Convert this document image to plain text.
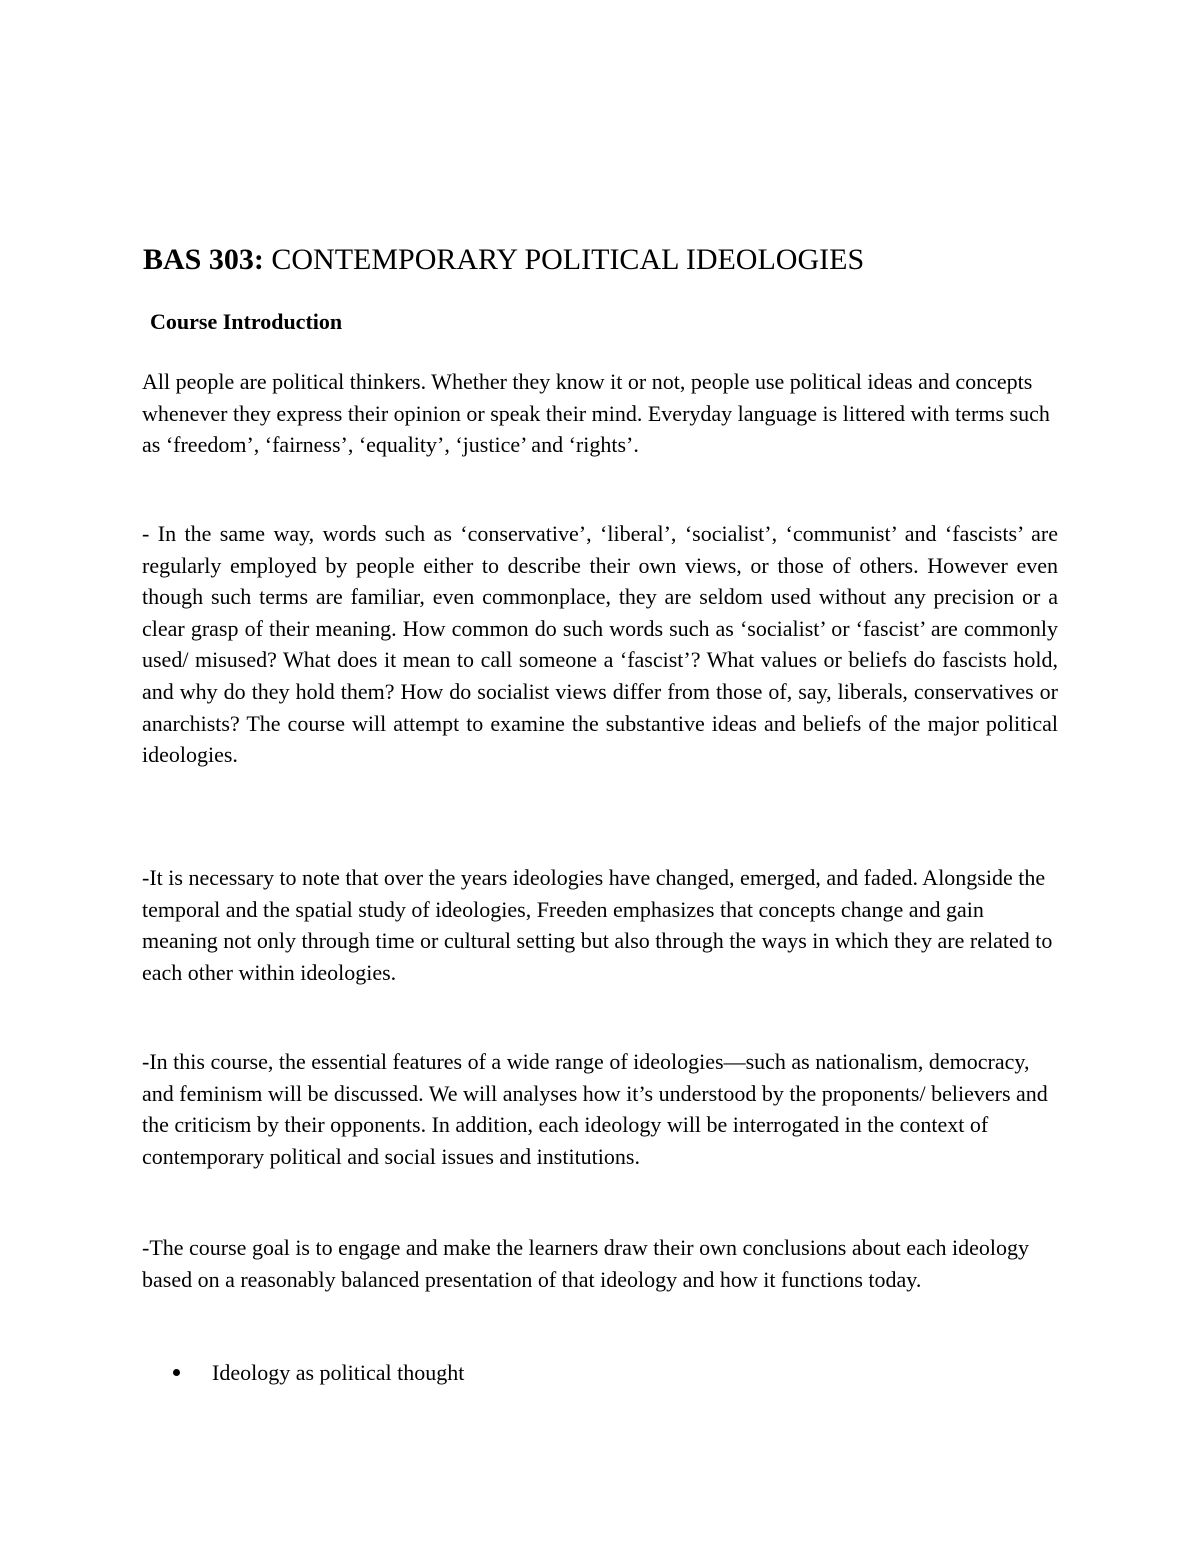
BAS 303: CONTEMPORARY POLITICAL IDEOLOGIES
Course Introduction

All people are political thinkers. Whether they know it or not, people use political ideas and concepts whenever they express their opinion or speak their mind. Everyday language is littered with terms such as ‘freedom’, ‘fairness’, ‘equality’, ‘justice’ and ‘rights’.

- In the same way, words such as ‘conservative’, ‘liberal’, ‘socialist’, ‘communist’ and ‘fascists’ are regularly employed by people either to describe their own views, or those of others. However even though such terms are familiar, even commonplace, they are seldom used without any precision or a clear grasp of their meaning. How common do such words such as ‘socialist’ or ‘fascist’ are commonly used/ misused? What does it mean to call someone a ‘fascist’? What values or beliefs do fascists hold, and why do they hold them? How do socialist views differ from those of, say, liberals, conservatives or anarchists? The course will attempt to examine the substantive ideas and beliefs of the major political ideologies.

-It is necessary to note that over the years ideologies have changed, emerged, and faded. Alongside the temporal and the spatial study of ideologies, Freeden emphasizes that concepts change and gain meaning not only through time or cultural setting but also through the ways in which they are related to each other within ideologies.

-In this course, the essential features of a wide range of ideologies—such as nationalism, democracy, and feminism will be discussed. We will analyses how it’s understood by the proponents/ believers and the criticism by their opponents. In addition, each ideology will be interrogated in the context of contemporary political and social issues and institutions.

-The course goal is to engage and make the learners draw their own conclusions about each ideology based on a reasonably balanced presentation of that ideology and how it functions today.

Ideology as political thought
